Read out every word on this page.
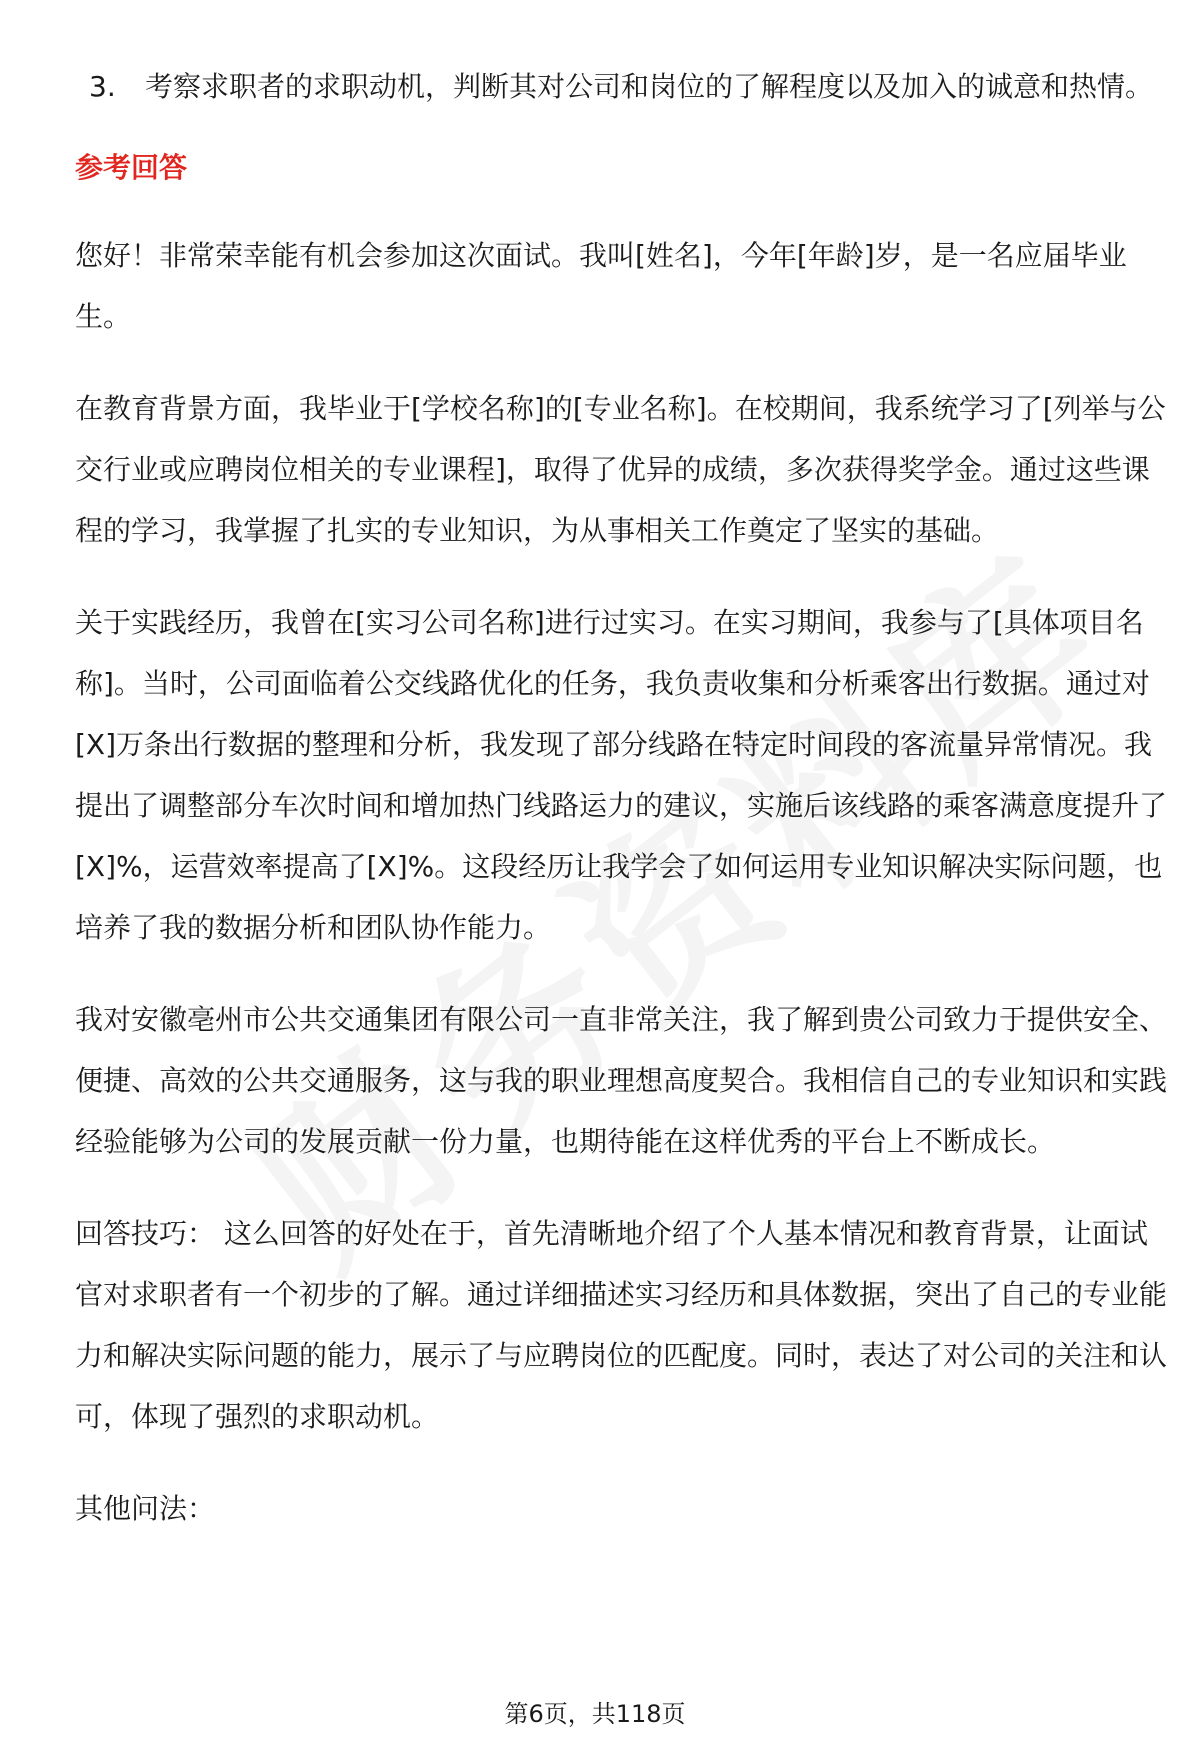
3. 考察求职者的求职动机，判断其对公司和岗位的了解程度以及加入的诚意和热情。
参考回答

您好！非常荣幸能有机会参加这次面试。我叫[姓名]，今年[年龄]岁，是一名应届毕业生。

在教育背景方面，我毕业于[学校名称]的[专业名称]。在校期间，我系统学习了[列举与公交行业或应聘岗位相关的专业课程]，取得了优异的成绩，多次获得奖学金。通过这些课程的学习，我掌握了扎实的专业知识，为从事相关工作奠定了坚实的基础。

关于实践经历，我曾在[实习公司名称]进行过实习。在实习期间，我参与了[具体项目名称]。当时，公司面临着公交线路优化的任务，我负责收集和分析乘客出行数据。通过对[X]万条出行数据的整理和分析，我发现了部分线路在特定时间段的客流量异常情况。我提出了调整部分车次时间和增加热门线路运力的建议，实施后该线路的乘客满意度提升了[X]%，运营效率提高了[X]%。这段经历让我学会了如何运用专业知识解决实际问题，也培养了我的数据分析和团队协作能力。

我对安徽亳州市公共交通集团有限公司一直非常关注，我了解到贵公司致力于提供安全、便捷、高效的公共交通服务，这与我的职业理想高度契合。我相信自己的专业知识和实践经验能够为公司的发展贡献一份力量，也期待能在这样优秀的平台上不断成长。

回答技巧： 这么回答的好处在于，首先清晰地介绍了个人基本情况和教育背景，让面试官对求职者有一个初步的了解。通过详细描述实习经历和具体数据，突出了自己的专业能力和解决实际问题的能力，展示了与应聘岗位的匹配度。同时，表达了对公司的关注和认可，体现了强烈的求职动机。

其他问法：

第6页，共118页
